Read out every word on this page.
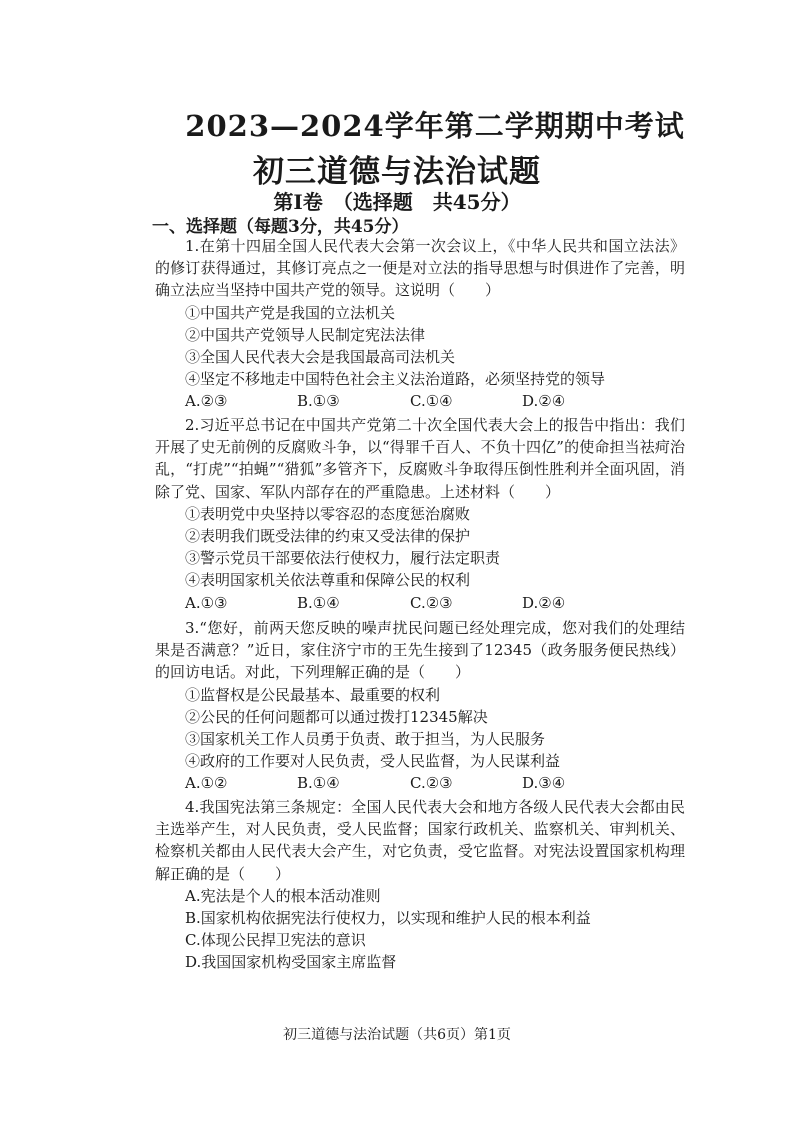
2023—2024学年第二学期期中考试
初三道德与法治试题
第Ⅰ卷　（选择题　共45分）
一、选择题（每题3分，共45分）
1.在第十四届全国人民代表大会第一次会议上，《中华人民共和国立法法》的修订获得通过，其修订亮点之一便是对立法的指导思想与时俱进作了完善，明确立法应当坚持中国共产党的领导。这说明（　　）
①中国共产党是我国的立法机关
②中国共产党领导人民制定宪法法律
③全国人民代表大会是我国最高司法机关
④坚定不移地走中国特色社会主义法治道路，必须坚持党的领导
A.②③	B.①③	C.①④	D.②④
2.习近平总书记在中国共产党第二十次全国代表大会上的报告中指出：我们开展了史无前例的反腐败斗争，以“得罪千百人、不负十四亿”的使命担当祛疴治乱，“打虎”“拍蝇”“猎狐”多管齐下，反腐败斗争取得压倒性胜利并全面巩固，消除了党、国家、军队内部存在的严重隐患。上述材料（　　）
①表明党中央坚持以零容忍的态度惩治腐败
②表明我们既受法律的约束又受法律的保护
③警示党员干部要依法行使权力，履行法定职责
④表明国家机关依法尊重和保障公民的权利
A.①③	B.①④	C.②③	D.②④
3.“您好，前两天您反映的噪声扰民问题已经处理完成，您对我们的处理结果是否满意？”近日，家住济宁市的王先生接到了12345（政务服务便民热线）的回访电话。对此，下列理解正确的是（　　）
①监督权是公民最基本、最重要的权利
②公民的任何问题都可以通过拨打12345解决
③国家机关工作人员勇于负责、敢于担当，为人民服务
④政府的工作要对人民负责，受人民监督，为人民谋利益
A.①②	B.①④	C.②③	D.③④
4.我国宪法第三条规定：全国人民代表大会和地方各级人民代表大会都由民主选举产生，对人民负责，受人民监督；国家行政机关、监察机关、审判机关、检察机关都由人民代表大会产生，对它负责，受它监督。对宪法设置国家机构理解正确的是（　　）
A.宪法是个人的根本活动准则
B.国家机构依据宪法行使权力，以实现和维护人民的根本利益
C.体现公民捍卫宪法的意识
D.我国国家机构受国家主席监督
初三道德与法治试题（共6页）第1页
